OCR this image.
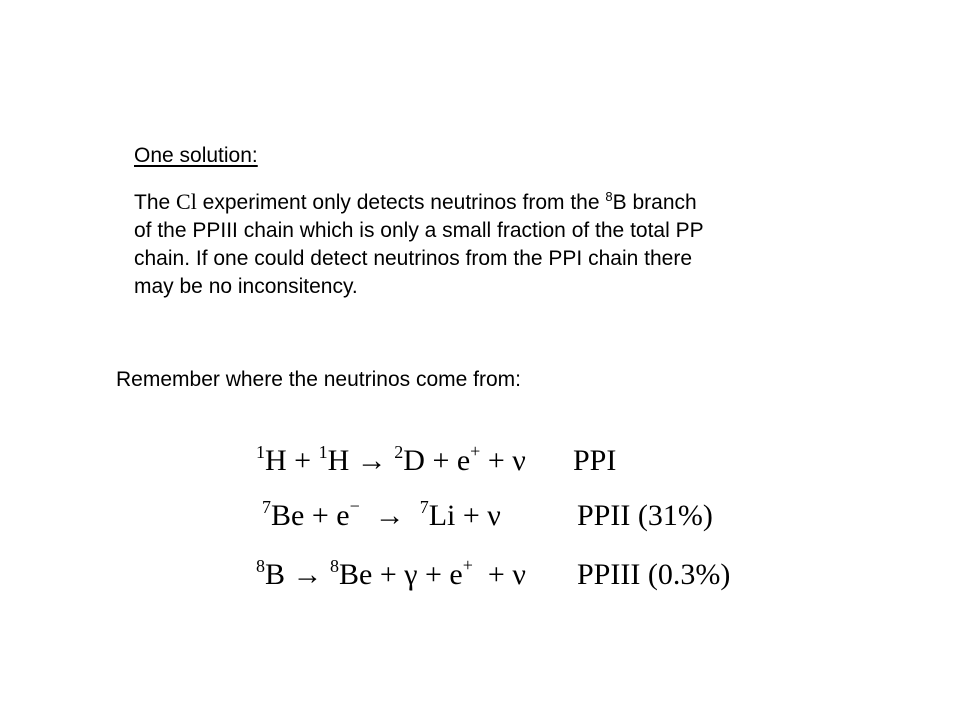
One solution:
The Cl experiment only detects neutrinos from the $^8$B branch
of the PPIII chain which is only a small fraction of the total PP
chain. If one could detect neutrinos from the PPI chain there
may be no inconsitency.
Remember where the neutrinos come from:
$^1$H + $^1$H → $^2$D + e+ + ν PPI
$^7$Be + e−  →  $^7$Li + ν	PPII (31%)
$^8$B → $^8$Be + γ + e+  + ν PPIII (0.3%)
